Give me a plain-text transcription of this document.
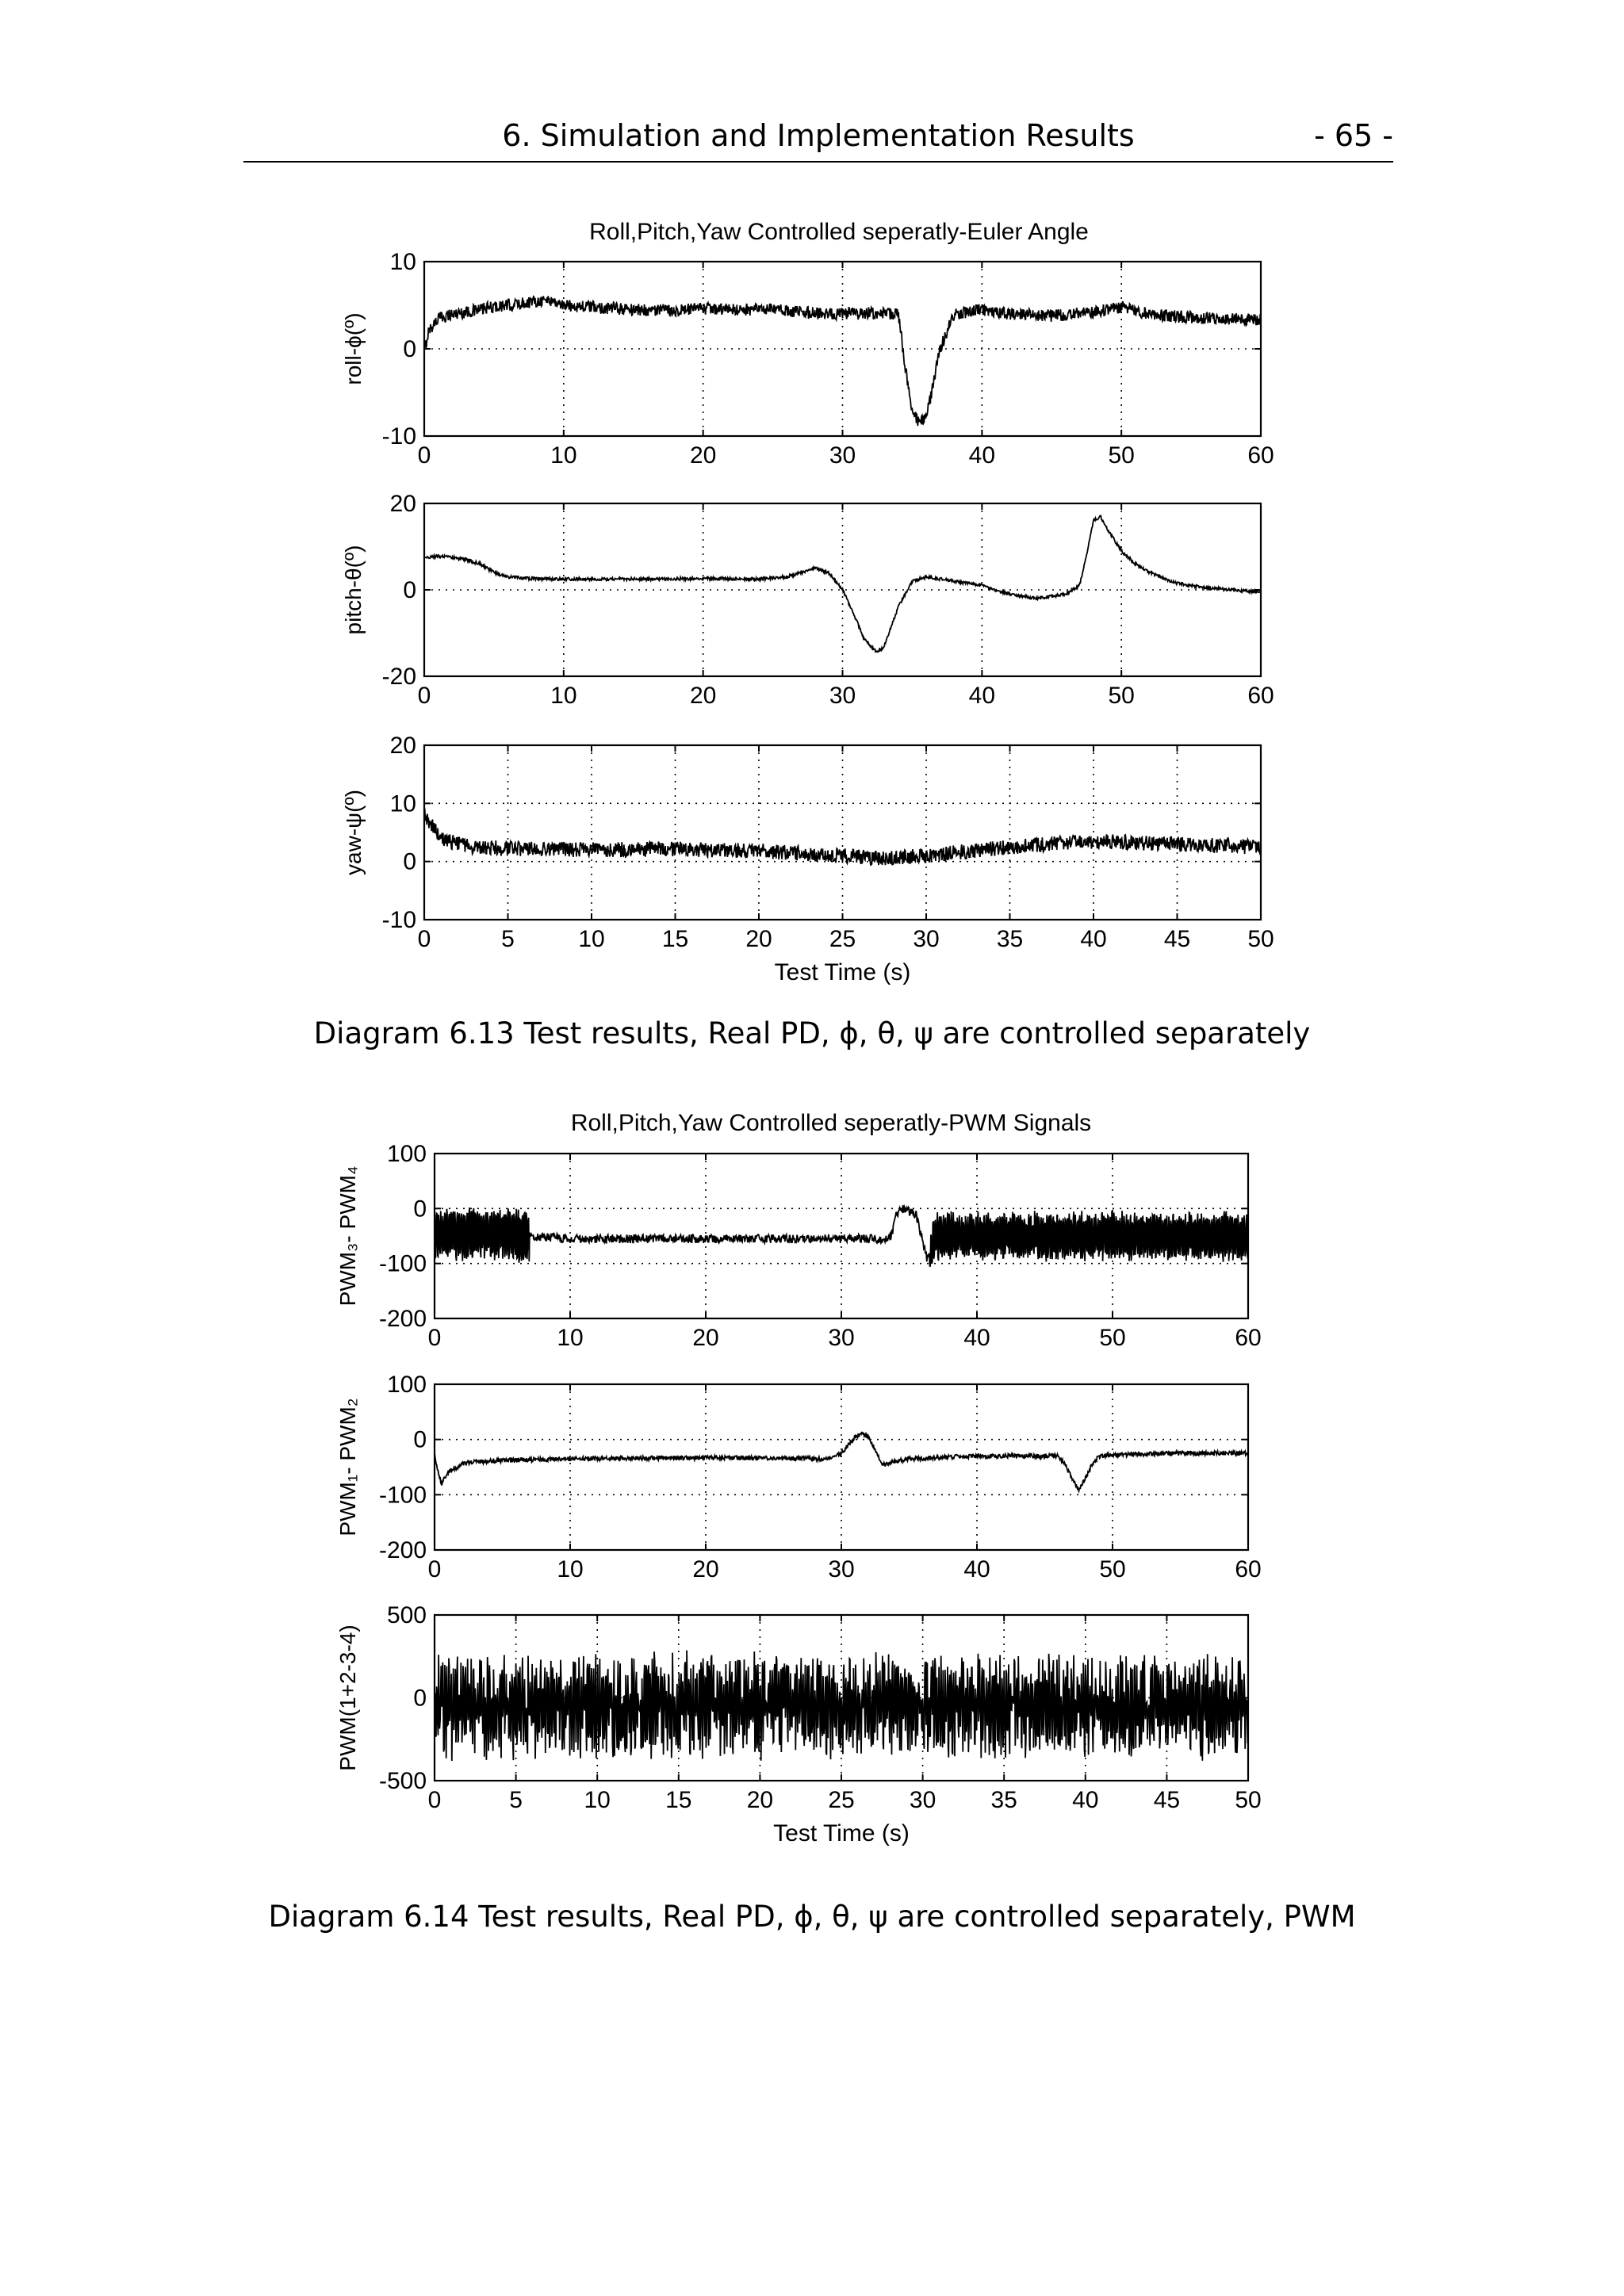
6. Simulation and Implementation Results	- 65 -
Roll,Pitch,Yaw Controlled seperatly-Euler Angle
0	10	20	30	40	50	60
-10
0
10
roll-ϕ(º)
0	10	20	30	40	50	60
-20
0
20
pitch-θ(º)
0	5	10 15 20 25 30 35 40 45 50
-10
0
10
20
yaw-ψ(º)
Test Time (s)
Roll,Pitch,Yaw Controlled seperatly-PWM Signals
0	10	20	30	40	50	60
-200
-100
0
100
PWM₃- PWM₄
0	10	20	30	40	50	60
-200
-100
0
100
PWM₁- PWM₂
0	5	10 15 20 25 30 35 40 45 50
-500
0
500
PWM(1+2-3-4)
Test Time (s)
Diagram 6.13 Test results, Real PD, ϕ, θ, ψ are controlled separately
Diagram 6.14 Test results, Real PD, ϕ, θ, ψ are controlled separately, PWM
